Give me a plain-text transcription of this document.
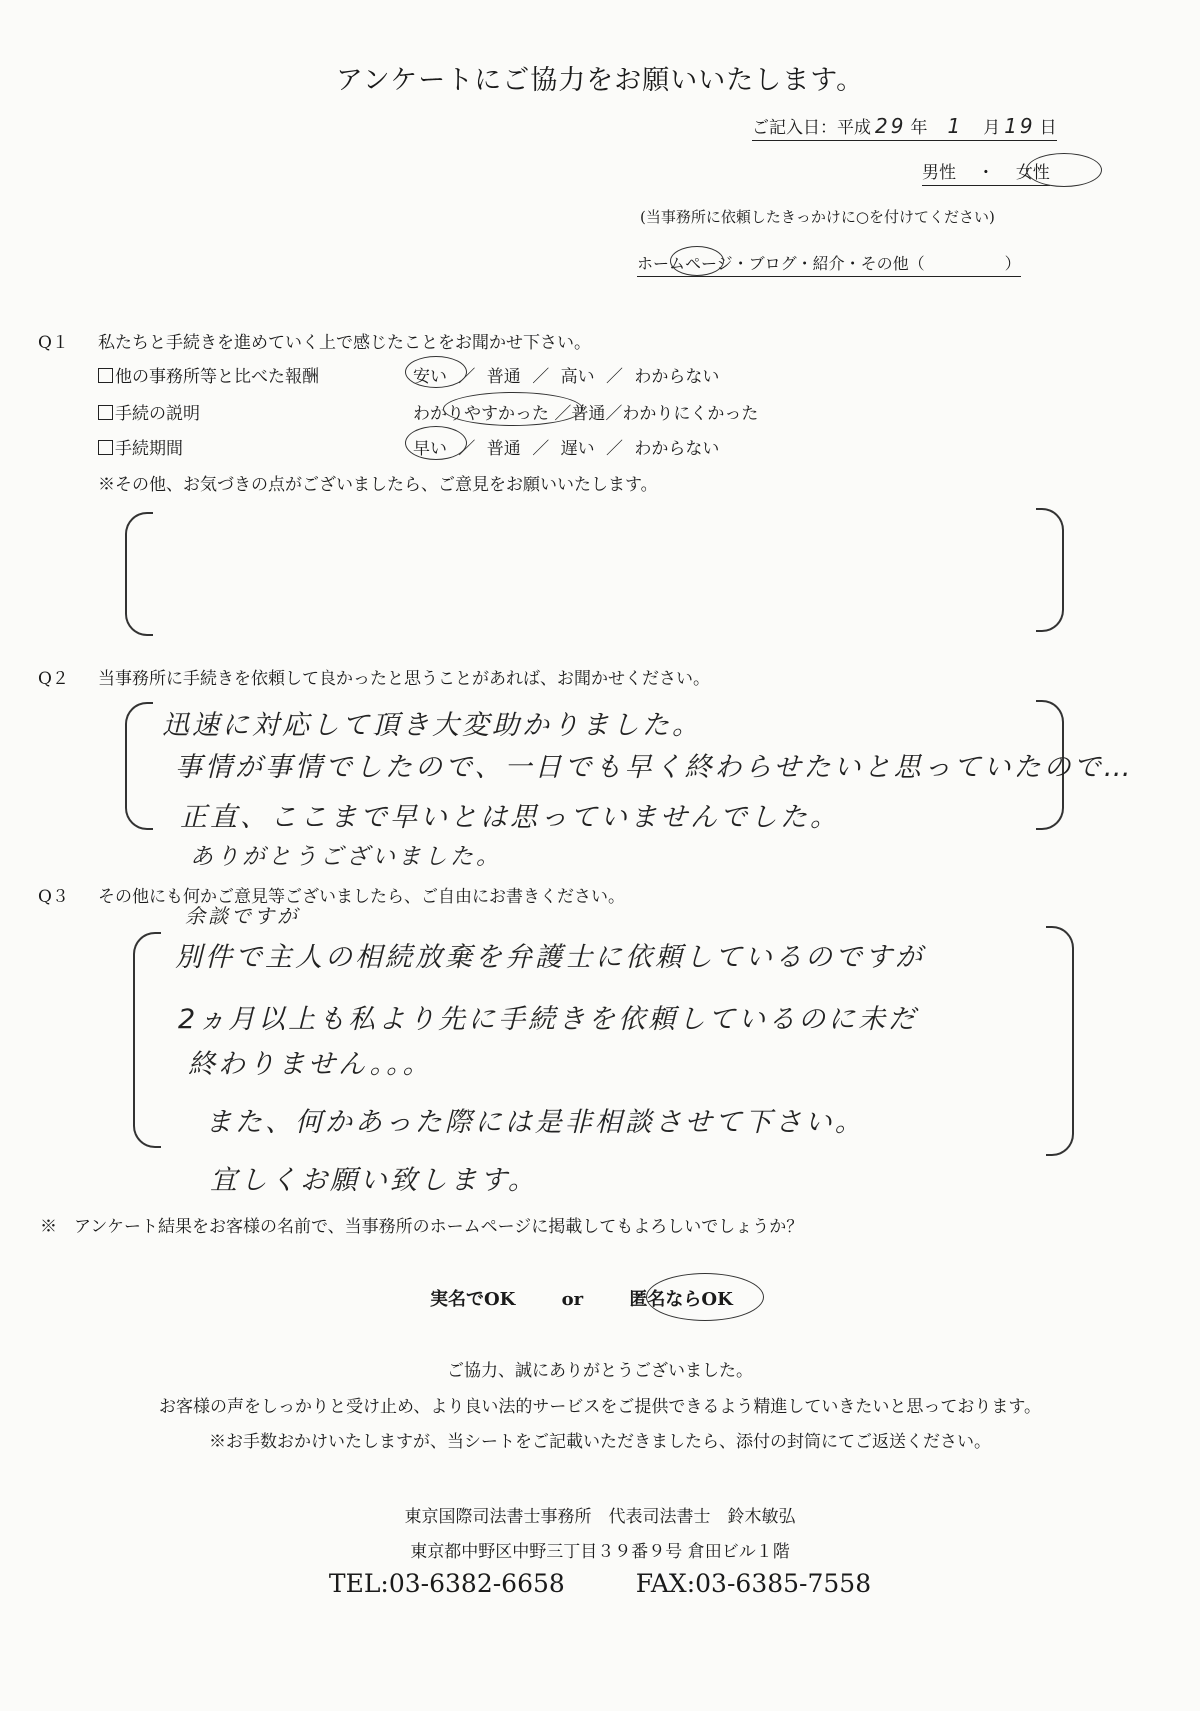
アンケートにご協力をお願いいたします。
ご記入日：平成 29 年 1 月 19 日
男性 ・ 女性
(当事務所に依頼したきっかけに○を付けてください)
ホームページ・ブログ・紹介・その他（　　　　　）
Q１ 私たちと手続きを進めていく上で感じたことをお聞かせ下さい。
他の事務所等と比べた報酬	安い ／ 普通 ／ 高い ／ わからない
手続の説明	わかりやすかった ／普通／わかりにくかった
手続期間	早い ／ 普通 ／ 遅い ／ わからない
※その他、お気づきの点がございましたら、ご意見をお願いいたします。
Q２ 当事務所に手続きを依頼して良かったと思うことがあれば、お聞かせください。
迅速に対応して頂き大変助かりました。
事情が事情でしたので、一日でも早く終わらせたいと思っていたので…
正直、ここまで早いとは思っていませんでした。
ありがとうございました。
Q３ その他にも何かご意見等ございましたら、ご自由にお書きください。
余談ですが
別件で主人の相続放棄を弁護士に依頼しているのですが
2ヵ月以上も私より先に手続きを依頼しているのに未だ
終わりません。。。
また、何かあった際には是非相談させて下さい。
宜しくお願い致します。
※　アンケート結果をお客様の名前で、当事務所のホームページに掲載してもよろしいでしょうか？
実名でOK	or	匿名ならOK
ご協力、誠にありがとうございました。
お客様の声をしっかりと受け止め、より良い法的サービスをご提供できるよう精進していきたいと思っております。
※お手数おかけいたしますが、当シートをご記載いただきましたら、添付の封筒にてご返送ください。
東京国際司法書士事務所　代表司法書士　鈴木敏弘
東京都中野区中野三丁目３９番９号 倉田ビル１階
TEL:03-6382-6658	FAX:03-6385-7558
